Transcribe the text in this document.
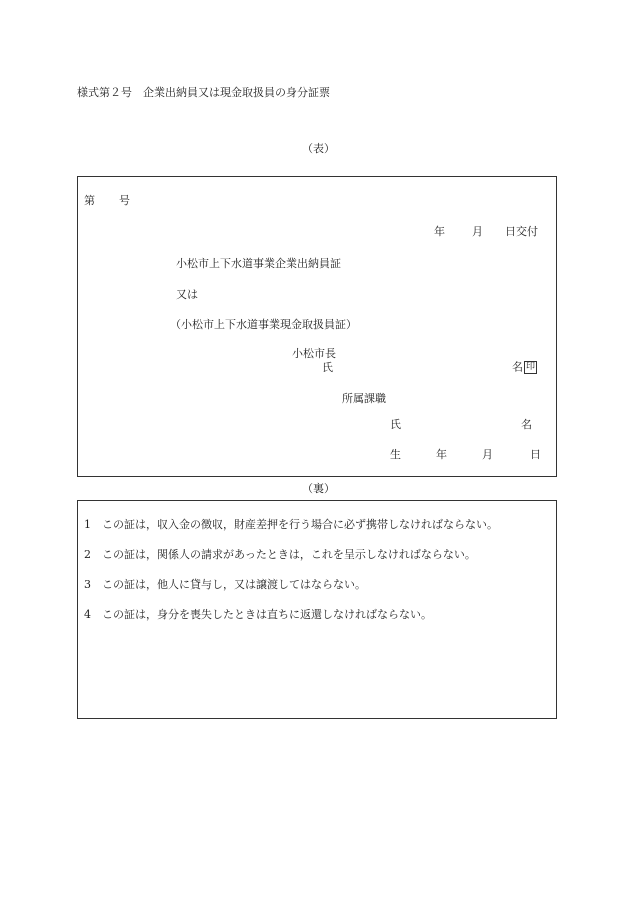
様式第２号　企業出納員又は現金取扱員の身分証票
（表）
第 号
年 月 日交付
小松市上下水道事業企業出納員証
又は
（小松市上下水道事業現金取扱員証）
小松市長
氏	名 印
所属課職
氏	名
生	年	月	日
（裏）
1　この証は，収入金の徴収，財産差押を行う場合に必ず携帯しなければならない。
2　この証は，関係人の請求があったときは，これを呈示しなければならない。
3　この証は，他人に貸与し，又は譲渡してはならない。
4　この証は，身分を喪失したときは直ちに返還しなければならない。
